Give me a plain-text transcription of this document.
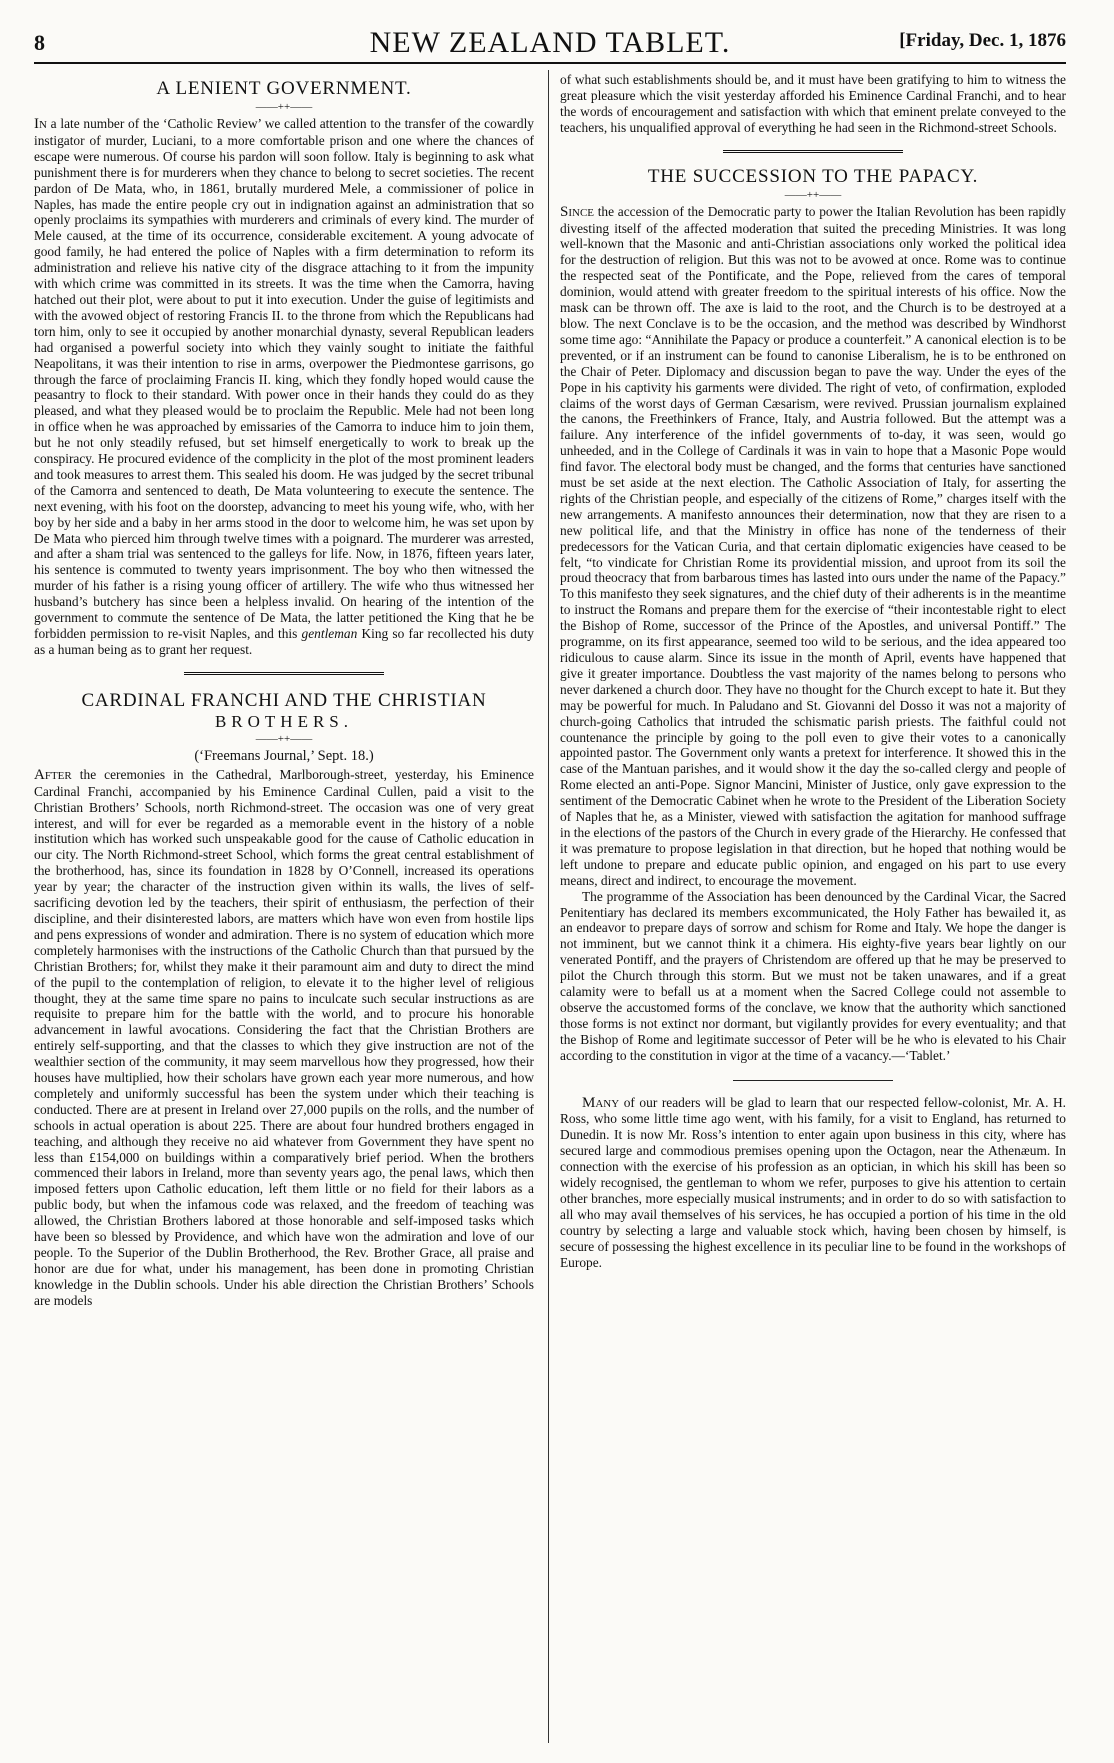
8	NEW ZEALAND TABLET.	[Friday, Dec. 1, 1876
A LENIENT GOVERNMENT.
——++——

In a late number of the ‘Catholic Review’ we called attention to the transfer of the cowardly instigator of murder, Luciani, to a more comfortable prison and one where the chances of escape were numerous. Of course his pardon will soon follow. Italy is beginning to ask what punishment there is for murderers when they chance to belong to secret societies. The recent pardon of De Mata, who, in 1861, brutally murdered Mele, a commissioner of police in Naples, has made the entire people cry out in indignation against an administration that so openly proclaims its sympathies with murderers and criminals of every kind. The murder of Mele caused, at the time of its occurrence, considerable excitement. A young advocate of good family, he had entered the police of Naples with a firm determination to reform its administration and relieve his native city of the disgrace attaching to it from the impunity with which crime was committed in its streets. It was the time when the Camorra, having hatched out their plot, were about to put it into execution. Under the guise of legitimists and with the avowed object of restoring Francis II. to the throne from which the Republicans had torn him, only to see it occupied by another monarchial dynasty, several Republican leaders had organised a powerful society into which they vainly sought to initiate the faithful Neapolitans, it was their intention to rise in arms, overpower the Piedmontese garrisons, go through the farce of proclaiming Francis II. king, which they fondly hoped would cause the peasantry to flock to their standard. With power once in their hands they could do as they pleased, and what they pleased would be to proclaim the Republic. Mele had not been long in office when he was approached by emissaries of the Camorra to induce him to join them, but he not only steadily refused, but set himself energetically to work to break up the conspiracy. He procured evidence of the complicity in the plot of the most prominent leaders and took measures to arrest them. This sealed his doom. He was judged by the secret tribunal of the Camorra and sentenced to death, De Mata volunteering to execute the sentence. The next evening, with his foot on the doorstep, advancing to meet his young wife, who, with her boy by her side and a baby in her arms stood in the door to welcome him, he was set upon by De Mata who pierced him through twelve times with a poignard. The murderer was arrested, and after a sham trial was sentenced to the galleys for life. Now, in 1876, fifteen years later, his sentence is commuted to twenty years imprisonment. The boy who then witnessed the murder of his father is a rising young officer of artillery. The wife who thus witnessed her husband’s butchery has since been a helpless invalid. On hearing of the intention of the government to commute the sentence of De Mata, the latter petitioned the King that he be forbidden permission to re-visit Naples, and this gentleman King so far recollected his duty as a human being as to grant her request.

CARDINAL FRANCHI AND THE CHRISTIAN
BROTHERS.
——++——
(‘Freemans Journal,’ Sept. 18.)

After the ceremonies in the Cathedral, Marlborough-street, yesterday, his Eminence Cardinal Franchi, accompanied by his Eminence Cardinal Cullen, paid a visit to the Christian Brothers’ Schools, north Richmond-street. The occasion was one of very great interest, and will for ever be regarded as a memorable event in the history of a noble institution which has worked such unspeakable good for the cause of Catholic education in our city. The North Richmond-street School, which forms the great central establishment of the brotherhood, has, since its foundation in 1828 by O’Connell, increased its operations year by year; the character of the instruction given within its walls, the lives of self-sacrificing devotion led by the teachers, their spirit of enthusiasm, the perfection of their discipline, and their disinterested labors, are matters which have won even from hostile lips and pens expressions of wonder and admiration. There is no system of education which more completely harmonises with the instructions of the Catholic Church than that pursued by the Christian Brothers; for, whilst they make it their paramount aim and duty to direct the mind of the pupil to the contemplation of religion, to elevate it to the higher level of religious thought, they at the same time spare no pains to inculcate such secular instructions as are requisite to prepare him for the battle with the world, and to procure his honorable advancement in lawful avocations. Considering the fact that the Christian Brothers are entirely self-supporting, and that the classes to which they give instruction are not of the wealthier section of the community, it may seem marvellous how they progressed, how their houses have multiplied, how their scholars have grown each year more numerous, and how completely and uniformly successful has been the system under which their teaching is conducted. There are at present in Ireland over 27,000 pupils on the rolls, and the number of schools in actual operation is about 225. There are about four hundred brothers engaged in teaching, and although they receive no aid whatever from Government they have spent no less than £154,000 on buildings within a comparatively brief period. When the brothers commenced their labors in Ireland, more than seventy years ago, the penal laws, which then imposed fetters upon Catholic education, left them little or no field for their labors as a public body, but when the infamous code was relaxed, and the freedom of teaching was allowed, the Christian Brothers labored at those honorable and self-imposed tasks which have been so blessed by Providence, and which have won the admiration and love of our people. To the Superior of the Dublin Brotherhood, the Rev. Brother Grace, all praise and honor are due for what, under his management, has been done in promoting Christian knowledge in the Dublin schools. Under his able direction the Christian Brothers’ Schools are models

of what such establishments should be, and it must have been gratifying to him to witness the great pleasure which the visit yesterday afforded his Eminence Cardinal Franchi, and to hear the words of encouragement and satisfaction with which that eminent prelate conveyed to the teachers, his unqualified approval of everything he had seen in the Richmond-street Schools.

THE SUCCESSION TO THE PAPACY.
——++——

Since the accession of the Democratic party to power the Italian Revolution has been rapidly divesting itself of the affected moderation that suited the preceding Ministries. It was long well-known that the Masonic and anti-Christian associations only worked the political idea for the destruction of religion. But this was not to be avowed at once. Rome was to continue the respected seat of the Pontificate, and the Pope, relieved from the cares of temporal dominion, would attend with greater freedom to the spiritual interests of his office. Now the mask can be thrown off. The axe is laid to the root, and the Church is to be destroyed at a blow. The next Conclave is to be the occasion, and the method was described by Windhorst some time ago: “Annihilate the Papacy or produce a counterfeit.” A canonical election is to be prevented, or if an instrument can be found to canonise Liberalism, he is to be enthroned on the Chair of Peter. Diplomacy and discussion began to pave the way. Under the eyes of the Pope in his captivity his garments were divided. The right of veto, of confirmation, exploded claims of the worst days of German Cæsarism, were revived. Prussian journalism explained the canons, the Freethinkers of France, Italy, and Austria followed. But the attempt was a failure. Any interference of the infidel governments of to-day, it was seen, would go unheeded, and in the College of Cardinals it was in vain to hope that a Masonic Pope would find favor. The electoral body must be changed, and the forms that centuries have sanctioned must be set aside at the next election. The Catholic Association of Italy, for asserting the rights of the Christian people, and especially of the citizens of Rome,” charges itself with the new arrangements. A manifesto announces their determination, now that they are risen to a new political life, and that the Ministry in office has none of the tenderness of their predecessors for the Vatican Curia, and that certain diplomatic exigencies have ceased to be felt, “to vindicate for Christian Rome its providential mission, and uproot from its soil the proud theocracy that from barbarous times has lasted into ours under the name of the Papacy.” To this manifesto they seek signatures, and the chief duty of their adherents is in the meantime to instruct the Romans and prepare them for the exercise of “their incontestable right to elect the Bishop of Rome, successor of the Prince of the Apostles, and universal Pontiff.” The programme, on its first appearance, seemed too wild to be serious, and the idea appeared too ridiculous to cause alarm. Since its issue in the month of April, events have happened that give it greater importance. Doubtless the vast majority of the names belong to persons who never darkened a church door. They have no thought for the Church except to hate it. But they may be powerful for much. In Paludano and St. Giovanni del Dosso it was not a majority of church-going Catholics that intruded the schismatic parish priests. The faithful could not countenance the principle by going to the poll even to give their votes to a canonically appointed pastor. The Government only wants a pretext for interference. It showed this in the case of the Mantuan parishes, and it would show it the day the so-called clergy and people of Rome elected an anti-Pope. Signor Mancini, Minister of Justice, only gave expression to the sentiment of the Democratic Cabinet when he wrote to the President of the Liberation Society of Naples that he, as a Minister, viewed with satisfaction the agitation for manhood suffrage in the elections of the pastors of the Church in every grade of the Hierarchy. He confessed that it was premature to propose legislation in that direction, but he hoped that nothing would be left undone to prepare and educate public opinion, and engaged on his part to use every means, direct and indirect, to encourage the movement.

The programme of the Association has been denounced by the Cardinal Vicar, the Sacred Penitentiary has declared its members excommunicated, the Holy Father has bewailed it, as an endeavor to prepare days of sorrow and schism for Rome and Italy. We hope the danger is not imminent, but we cannot think it a chimera. His eighty-five years bear lightly on our venerated Pontiff, and the prayers of Christendom are offered up that he may be preserved to pilot the Church through this storm. But we must not be taken unawares, and if a great calamity were to befall us at a moment when the Sacred College could not assemble to observe the accustomed forms of the conclave, we know that the authority which sanctioned those forms is not extinct nor dormant, but vigilantly provides for every eventuality; and that the Bishop of Rome and legitimate successor of Peter will be he who is elevated to his Chair according to the constitution in vigor at the time of a vacancy.—‘Tablet.’

Many of our readers will be glad to learn that our respected fellow-colonist, Mr. A. H. Ross, who some little time ago went, with his family, for a visit to England, has returned to Dunedin. It is now Mr. Ross’s intention to enter again upon business in this city, where has secured large and commodious premises opening upon the Octagon, near the Athenæum. In connection with the exercise of his profession as an optician, in which his skill has been so widely recognised, the gentleman to whom we refer, purposes to give his attention to certain other branches, more especially musical instruments; and in order to do so with satisfaction to all who may avail themselves of his services, he has occupied a portion of his time in the old country by selecting a large and valuable stock which, having been chosen by himself, is secure of possessing the highest excellence in its peculiar line to be found in the workshops of Europe.
